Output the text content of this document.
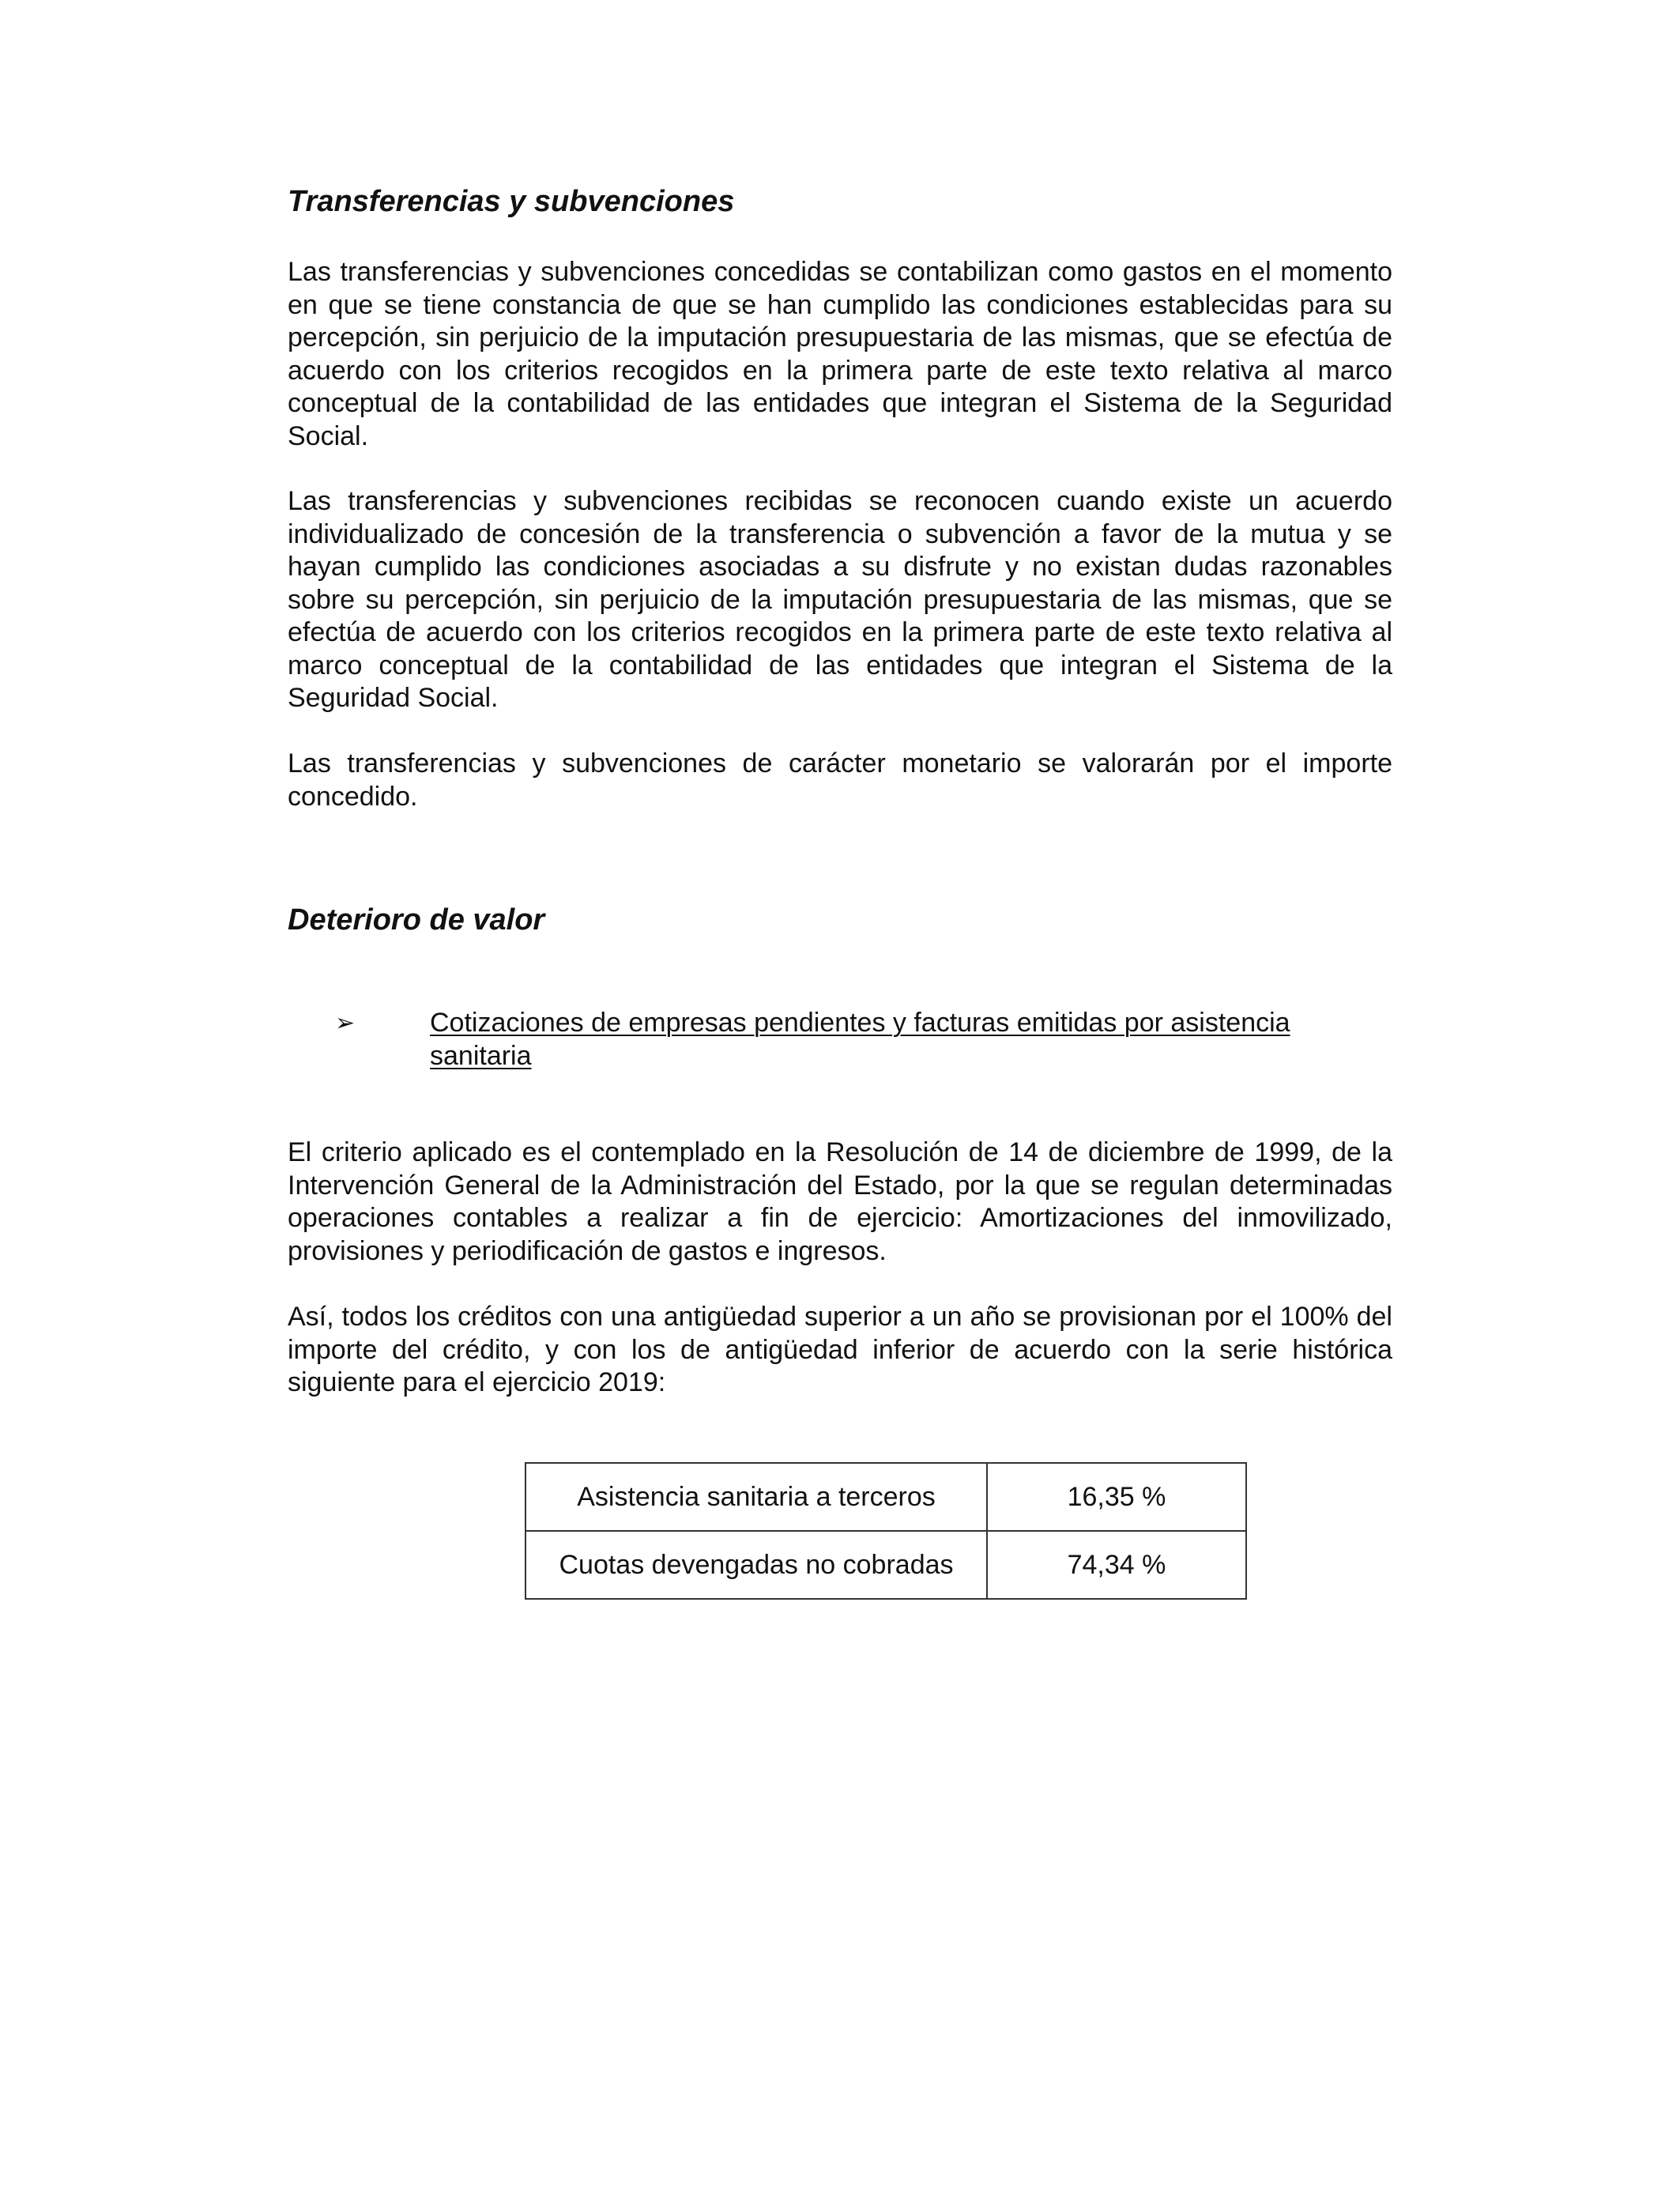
Transferencias y subvenciones

Las transferencias y subvenciones concedidas se contabilizan como gastos en el momento en que se tiene constancia de que se han cumplido las condiciones establecidas para su percepción, sin perjuicio de la imputación presupuestaria de las mismas, que se efectúa de acuerdo con los criterios recogidos en la primera parte de este texto relativa al marco conceptual de la contabilidad de las entidades que integran el Sistema de la Seguridad Social.

Las transferencias y subvenciones recibidas se reconocen cuando existe un acuerdo individualizado de concesión de la transferencia o subvención a favor de la mutua y se hayan cumplido las condiciones asociadas a su disfrute y no existan dudas razonables sobre su percepción, sin perjuicio de la imputación presupuestaria de las mismas, que se efectúa de acuerdo con los criterios recogidos en la primera parte de este texto relativa al marco conceptual de la contabilidad de las entidades que integran el Sistema de la Seguridad Social.

Las transferencias y subvenciones de carácter monetario se valorarán por el importe concedido.

Deterioro de valor
➢	Cotizaciones de empresas pendientes y facturas emitidas por asistencia sanitaria

El criterio aplicado es el contemplado en la Resolución de 14 de diciembre de 1999, de la Intervención General de la Administración del Estado, por la que se regulan determinadas operaciones contables a realizar a fin de ejercicio: Amortizaciones del inmovilizado, provisiones y periodificación de gastos e ingresos.

Así, todos los créditos con una antigüedad superior a un año se provisionan por el 100% del importe del crédito, y con los de antigüedad inferior de acuerdo con la serie histórica siguiente para el ejercicio 2019:

Asistencia sanitaria a terceros	16,35 %
Cuotas devengadas no cobradas	74,34 %
